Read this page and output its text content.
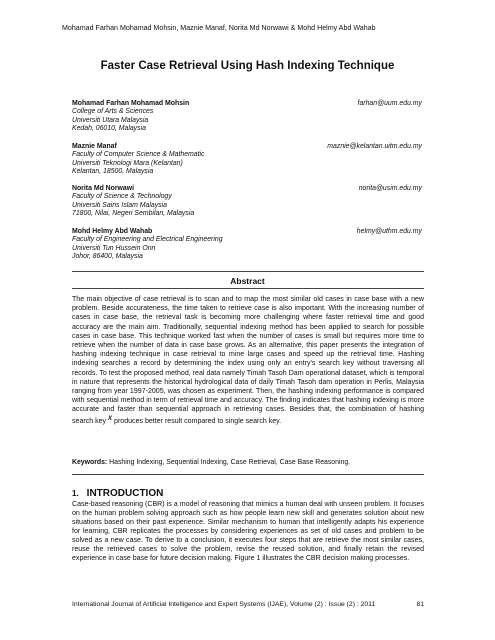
Mohamad Farhan Mohamad Mohsin, Maznie Manaf, Norita Md Norwawi & Mohd Helmy Abd Wahab
Faster Case Retrieval Using Hash Indexing Technique
Mohamad Farhan Mohamad Mohsin	farhan@uum.edu.my
College of Arts & Sciences
Universiti Utara Malaysia
Kedah, 06010, Malaysia
Maznie Manaf	maznie@kelantan.uitm.edu.my
Faculty of Computer Science & Mathematic
Universiti Teknologi Mara (Kelantan)
Kelantan, 18500, Malaysia
Norita Md Norwawi	norita@usim.edu.my
Faculty of Science & Technology
Universiti Sains Islam Malaysia
71800, Nilai, Negeri Sembilan, Malaysia
Mohd Helmy Abd Wahab	helmy@uthm.edu.my
Faculty of Engineering and Electrical Engineering
Universiti Tun Hussein Onn
Johor, 86400, Malaysia
Abstract

The main objective of case retrieval is to scan and to map the most similar old cases in case base with a new problem. Beside accurateness, the time taken to retrieve case is also important. With the increasing number of cases in case base, the retrieval task is becoming more challenging where faster retrieval time and good accuracy are the main aim. Traditionally, sequential indexing method has been applied to search for possible cases in case base. This technique worked fast when the number of cases is small but requires more time to retrieve when the number of data in case base grows. As an alternative, this paper presents the integration of hashing indexing technique in case retrieval to mine large cases and speed up the retrieval time. Hashing indexing searches a record by determining the index using only an entry's search key without traversing all records. To test the proposed method, real data namely Timah Tasoh Dam operational dataset, which is temporal in nature that represents the historical hydrological data of daily Timah Tasoh dam operation in Perlis, Malaysia ranging from year 1997-2005, was chosen as experiment. Then, the hashing indexing performance is compared with sequential method in term of retrieval time and accuracy. The finding indicates that hashing indexing is more accurate and faster than sequential approach in retrieving cases. Besides that, the combination of hashing search key X produces better result compared to single search key.

Keywords: Hashing Indexing, Sequential Indexing, Case Retrieval, Case Base Reasoning.
1. INTRODUCTION

Case-based reasoning (CBR) is a model of reasoning that mimics a human deal with unseen problem. It focuses on the human problem solving approach such as how people learn new skill and generates solution about new situations based on their past experience. Similar mechanism to human that intelligently adapts his experience for learning, CBR replicates the processes by considering experiences as set of old cases and problem to be solved as a new case. To derive to a conclusion, it executes four steps that are retrieve the most similar cases, reuse the retrieved cases to solve the problem, revise the reused solution, and finally retain the revised experience in case base for future decision making. Figure 1 illustrates the CBR decision making processes.

International Journal of Artificial Intelligence and Expert Systems (IJAE), Volume (2) : Issue (2) : 2011	81
